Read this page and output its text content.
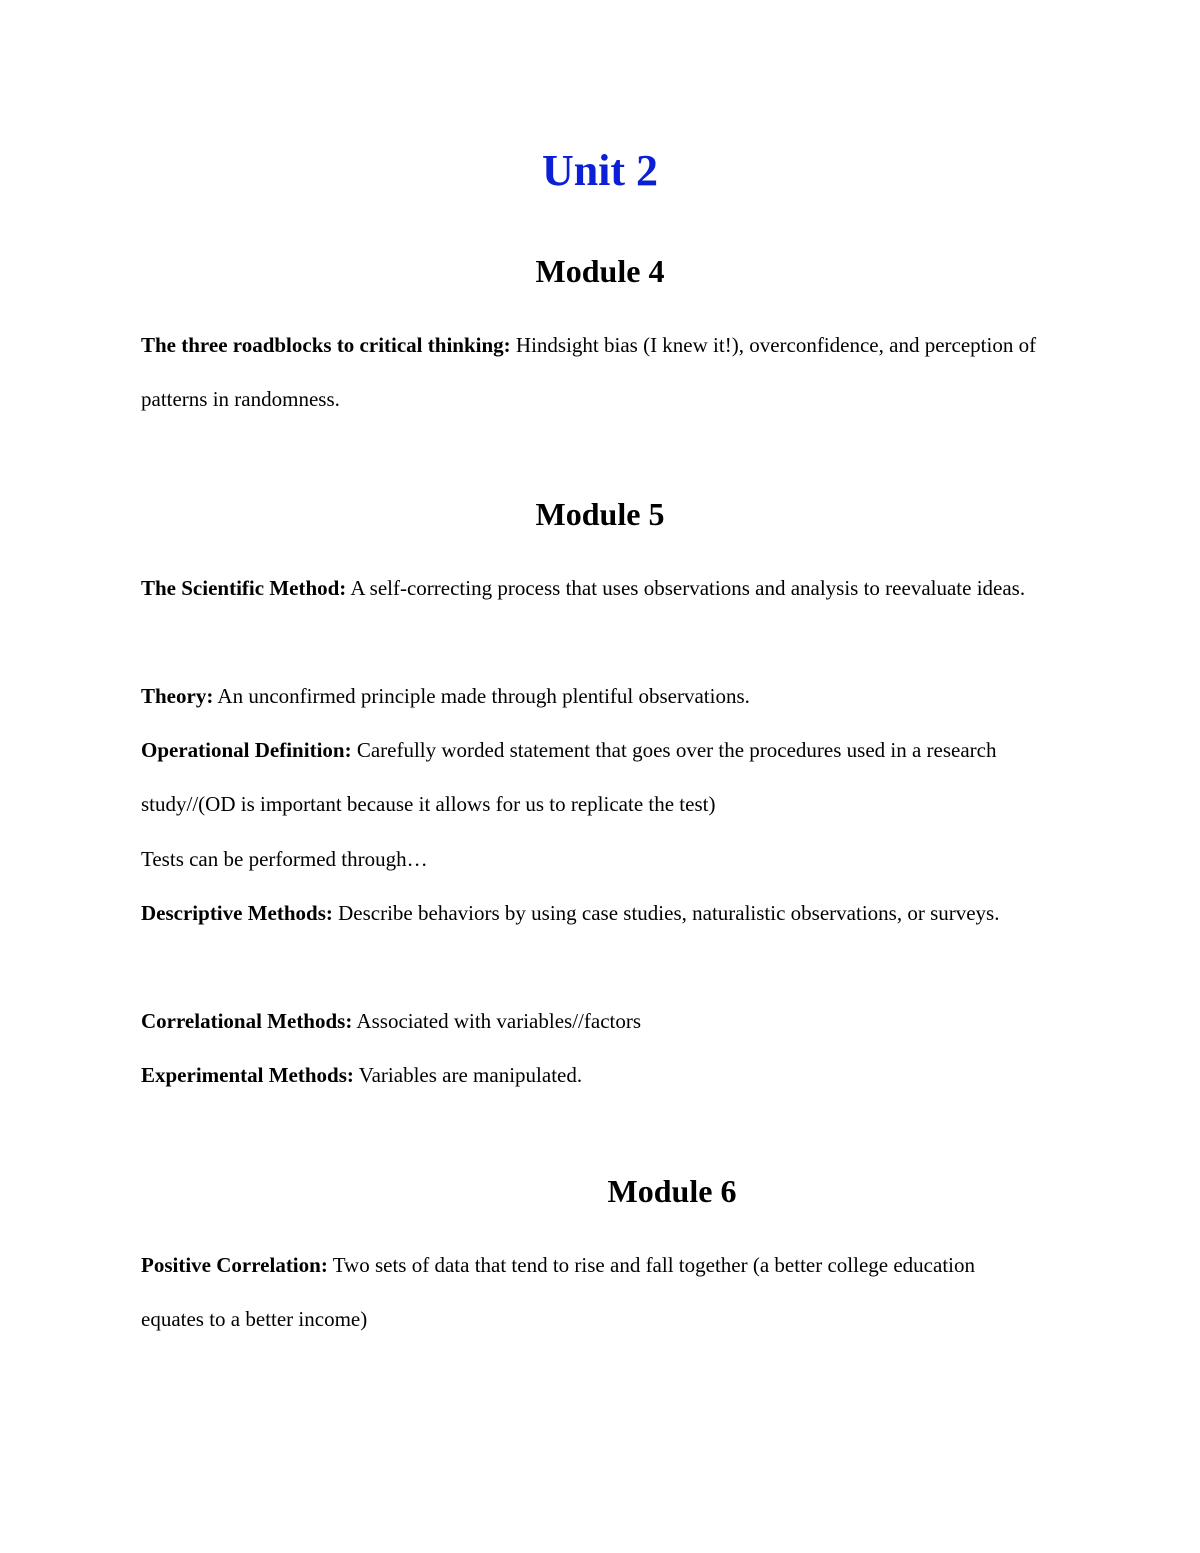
Unit 2
Module 4

The three roadblocks to critical thinking: Hindsight bias (I knew it!), overconfidence, and perception of patterns in randomness.

Module 5

The Scientific Method: A self-correcting process that uses observations and analysis to reevaluate ideas.

Theory: An unconfirmed principle made through plentiful observations.

Operational Definition: Carefully worded statement that goes over the procedures used in a research study//(OD is important because it allows for us to replicate the test)

Tests can be performed through…

Descriptive Methods: Describe behaviors by using case studies, naturalistic observations, or surveys.

Correlational Methods: Associated with variables//factors

Experimental Methods: Variables are manipulated.

Module 6

Positive Correlation: Two sets of data that tend to rise and fall together (a better college education equates to a better income)
